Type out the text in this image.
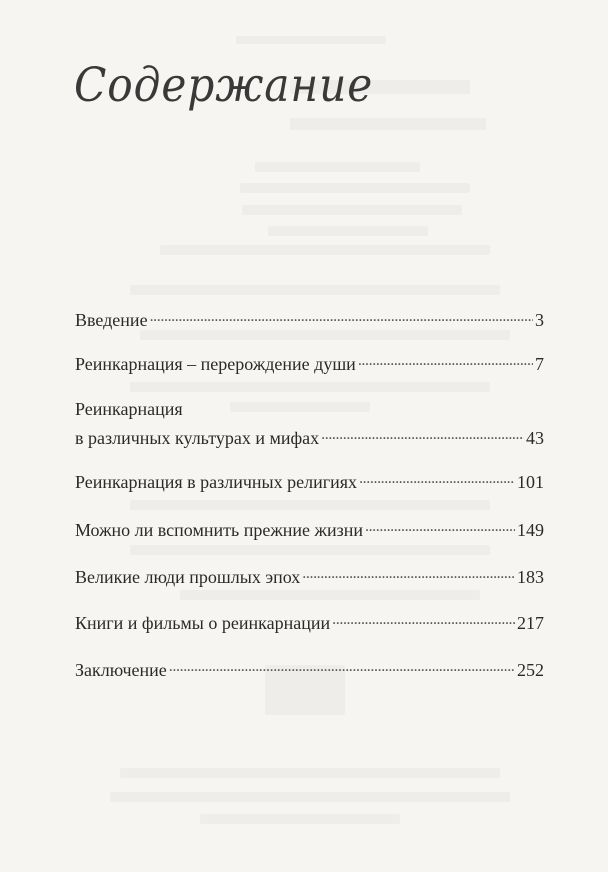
Содержание
Введение . . .	3
Реинкарнация – перерождение души . . .	7
Реинкарнация
в различных культурах и мифах . . .	43
Реинкарнация в различных религиях . . .	101
Можно ли вспомнить прежние жизни . . .	149
Великие люди прошлых эпох . . .	183
Книги и фильмы о реинкарнации . . .	217
Заключение . . .	252
